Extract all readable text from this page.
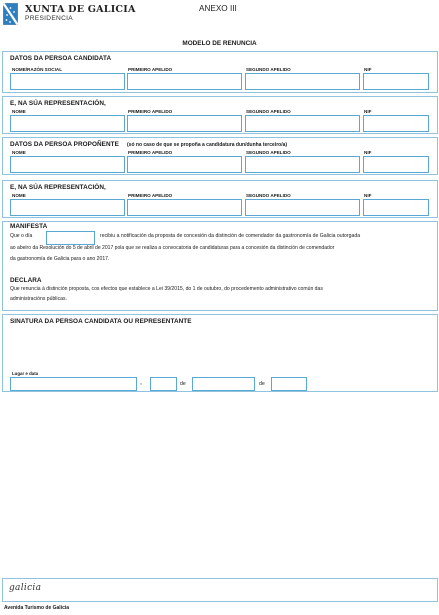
XUNTA DE GALICIA
PRESIDENCIA
ANEXO III
MODELO DE RENUNCIA
DATOS DA PERSOA CANDIDATA
NOME/RAZÓN SOCIAL	PRIMEIRO APELIDO	SEGUNDO APELIDO	NIF
E, NA SÚA REPRESENTACIÓN,
NOME	PRIMEIRO APELIDO	SEGUNDO APELIDO	NIF
DATOS DA PERSOA PROPOÑENTE (só no caso de que se propoña a candidatura dun/dunha terceiro/a)
NOME	PRIMEIRO APELIDO	SEGUNDO APELIDO	NIF
E, NA SÚA REPRESENTACIÓN,
NOME	PRIMEIRO APELIDO	SEGUNDO APELIDO	NIF
MANIFESTA
Que o día	recibiu a notificación da proposta de concesión da distinción de comendador da gastronomía de Galicia outorgada
ao abeiro da Resolución do 5 de abril de 2017 pola que se realiza a convocatoria de candidaturas para a concesión da distinción de comendador
da gastronomía de Galicia para o ano 2017.
DECLARA
Que renuncia á distinción proposta, cos efectos que establece a Lei 39/2015, do 1 de outubro, do procedemento administrativo común das
administracións públicas.
SINATURA DA PERSOA CANDIDATA OU REPRESENTANTE
Lugar e data
,	de	de
galicia
Avenida Turismo de Galicia
